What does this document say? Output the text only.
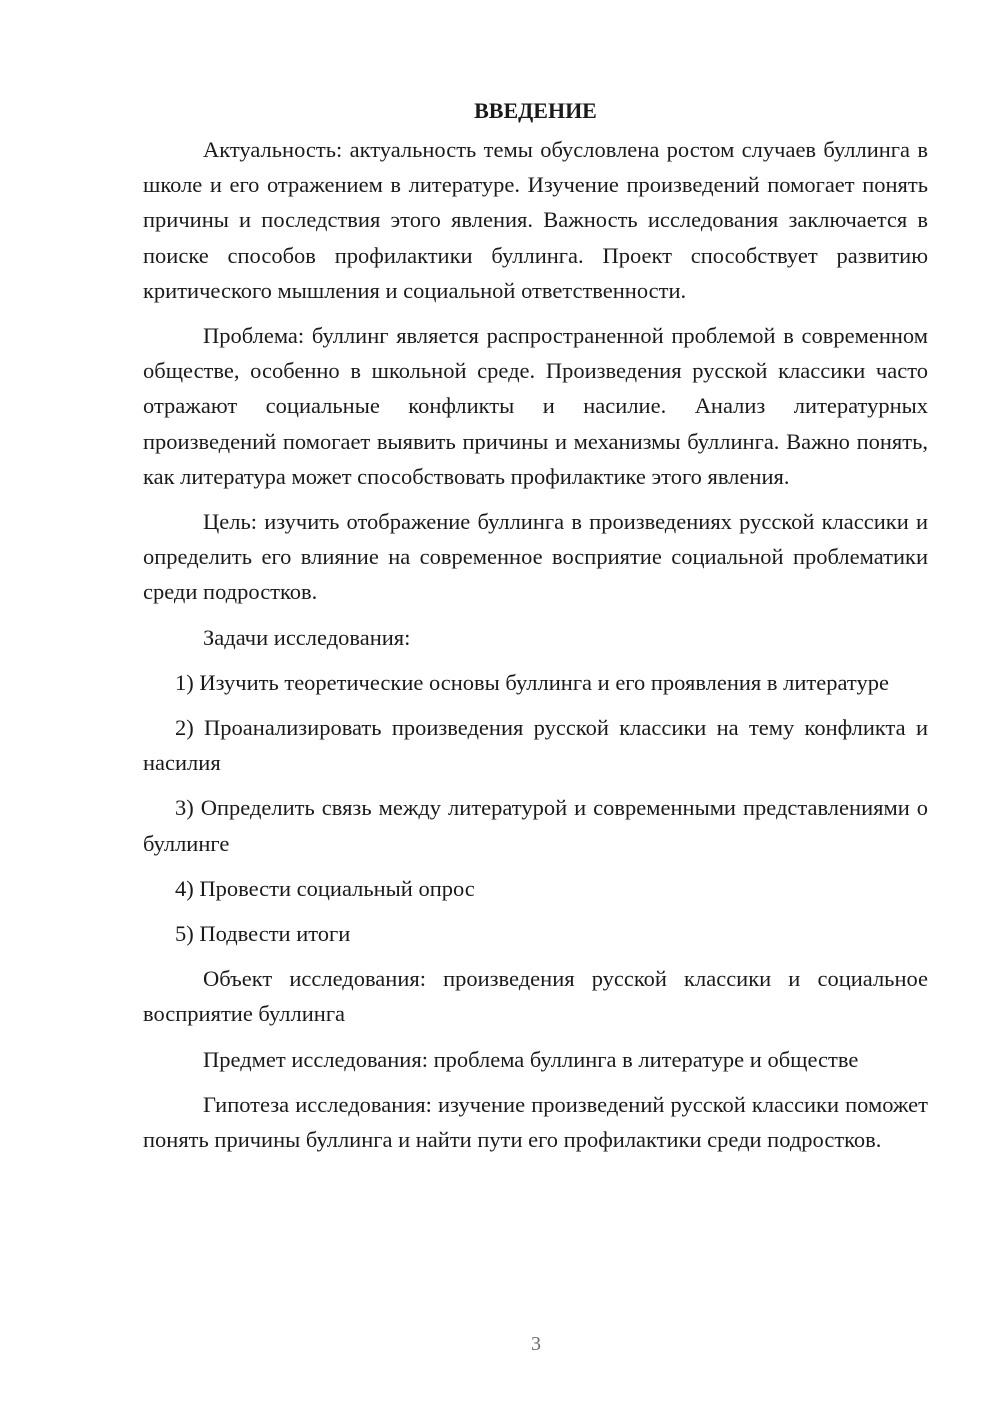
ВВЕДЕНИЕ

Актуальность: актуальность темы обусловлена ростом случаев буллинга в школе и его отражением в литературе. Изучение произведений помогает понять причины и последствия этого явления. Важность исследования заключается в поиске способов профилактики буллинга. Проект способствует развитию критического мышления и социальной ответственности.

Проблема: буллинг является распространенной проблемой в современном обществе, особенно в школьной среде. Произведения русской классики часто отражают социальные конфликты и насилие. Анализ литературных произведений помогает выявить причины и механизмы буллинга. Важно понять, как литература может способствовать профилактике этого явления.

Цель: изучить отображение буллинга в произведениях русской классики и определить его влияние на современное восприятие социальной проблематики среди подростков.

Задачи исследования:

1) Изучить теоретические основы буллинга и его проявления в литературе

2) Проанализировать произведения русской классики на тему конфликта и насилия

3) Определить связь между литературой и современными представлениями о буллинге

4) Провести социальный опрос

5) Подвести итоги

Объект исследования: произведения русской классики и социальное восприятие буллинга

Предмет исследования: проблема буллинга в литературе и обществе

Гипотеза исследования: изучение произведений русской классики поможет понять причины буллинга и найти пути его профилактики среди подростков.

3
